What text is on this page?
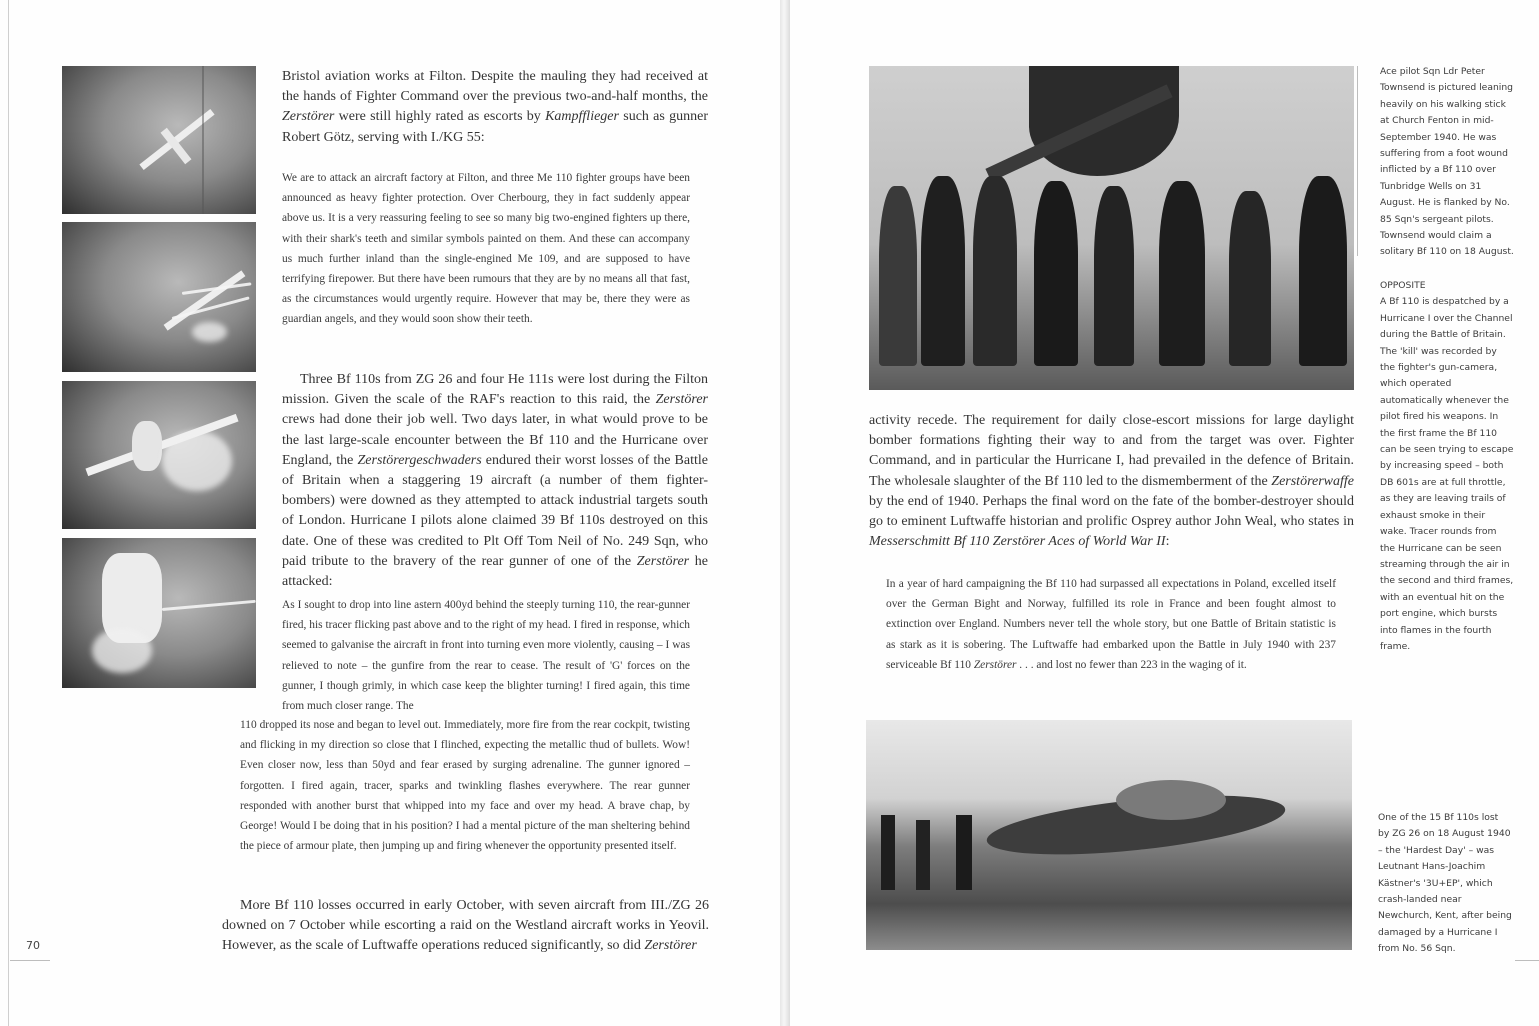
Bristol aviation works at Filton. Despite the mauling they had received at the hands of Fighter Command over the previous two-and-half months, the Zerstörer were still highly rated as escorts by Kampfflieger such as gunner Robert Götz, serving with I./KG 55:

We are to attack an aircraft factory at Filton, and three Me 110 fighter groups have been announced as heavy fighter protection. Over Cherbourg, they in fact suddenly appear above us. It is a very reassuring feeling to see so many big two-engined fighters up there, with their shark's teeth and similar symbols painted on them. And these can accompany us much further inland than the single-engined Me 109, and are supposed to have terrifying firepower. But there have been rumours that they are by no means all that fast, as the circumstances would urgently require. However that may be, there they were as guardian angels, and they would soon show their teeth.

Three Bf 110s from ZG 26 and four He 111s were lost during the Filton mission. Given the scale of the RAF's reaction to this raid, the Zerstörer crews had done their job well. Two days later, in what would prove to be the last large-scale encounter between the Bf 110 and the Hurricane over England, the Zerstörergeschwaders endured their worst losses of the Battle of Britain when a staggering 19 aircraft (a number of them fighter-bombers) were downed as they attempted to attack industrial targets south of London. Hurricane I pilots alone claimed 39 Bf 110s destroyed on this date. One of these was credited to Plt Off Tom Neil of No. 249 Sqn, who paid tribute to the bravery of the rear gunner of one of the Zerstörer he attacked:

As I sought to drop into line astern 400yd behind the steeply turning 110, the rear-gunner fired, his tracer flicking past above and to the right of my head. I fired in response, which seemed to galvanise the aircraft in front into turning even more violently, causing – I was relieved to note – the gunfire from the rear to cease. The result of 'G' forces on the gunner, I though grimly, in which case keep the blighter turning! I fired again, this time from much closer range. The

110 dropped its nose and began to level out. Immediately, more fire from the rear cockpit, twisting and flicking in my direction so close that I flinched, expecting the metallic thud of bullets. Wow! Even closer now, less than 50yd and fear erased by surging adrenaline. The gunner ignored – forgotten. I fired again, tracer, sparks and twinkling flashes everywhere. The rear gunner responded with another burst that whipped into my face and over my head. A brave chap, by George! Would I be doing that in his position? I had a mental picture of the man sheltering behind the piece of armour plate, then jumping up and firing whenever the opportunity presented itself.

More Bf 110 losses occurred in early October, with seven aircraft from III./ZG 26 downed on 7 October while escorting a raid on the Westland aircraft works in Yeovil. However, as the scale of Luftwaffe operations reduced significantly, so did Zerstörer

70

activity recede. The requirement for daily close-escort missions for large daylight bomber formations fighting their way to and from the target was over. Fighter Command, and in particular the Hurricane I, had prevailed in the defence of Britain. The wholesale slaughter of the Bf 110 led to the dismemberment of the Zerstörerwaffe by the end of 1940. Perhaps the final word on the fate of the bomber-destroyer should go to eminent Luftwaffe historian and prolific Osprey author John Weal, who states in Messerschmitt Bf 110 Zerstörer Aces of World War II:

In a year of hard campaigning the Bf 110 had surpassed all expectations in Poland, excelled itself over the German Bight and Norway, fulfilled its role in France and been fought almost to extinction over England. Numbers never tell the whole story, but one Battle of Britain statistic is as stark as it is sobering. The Luftwaffe had embarked upon the Battle in July 1940 with 237 serviceable Bf 110 Zerstörer . . . and lost no fewer than 223 in the waging of it.

Ace pilot Sqn Ldr Peter Townsend is pictured leaning heavily on his walking stick at Church Fenton in mid-September 1940. He was suffering from a foot wound inflicted by a Bf 110 over Tunbridge Wells on 31 August. He is flanked by No. 85 Sqn's sergeant pilots. Townsend would claim a solitary Bf 110 on 18 August.

OPPOSITE

A Bf 110 is despatched by a Hurricane I over the Channel during the Battle of Britain. The 'kill' was recorded by the fighter's gun-camera, which operated automatically whenever the pilot fired his weapons. In the first frame the Bf 110 can be seen trying to escape by increasing speed – both DB 601s are at full throttle, as they are leaving trails of exhaust smoke in their wake. Tracer rounds from the Hurricane can be seen streaming through the air in the second and third frames, with an eventual hit on the port engine, which bursts into flames in the fourth frame.

One of the 15 Bf 110s lost by ZG 26 on 18 August 1940 – the 'Hardest Day' – was Leutnant Hans-Joachim Kästner's '3U+EP', which crash-landed near Newchurch, Kent, after being damaged by a Hurricane I from No. 56 Sqn.
